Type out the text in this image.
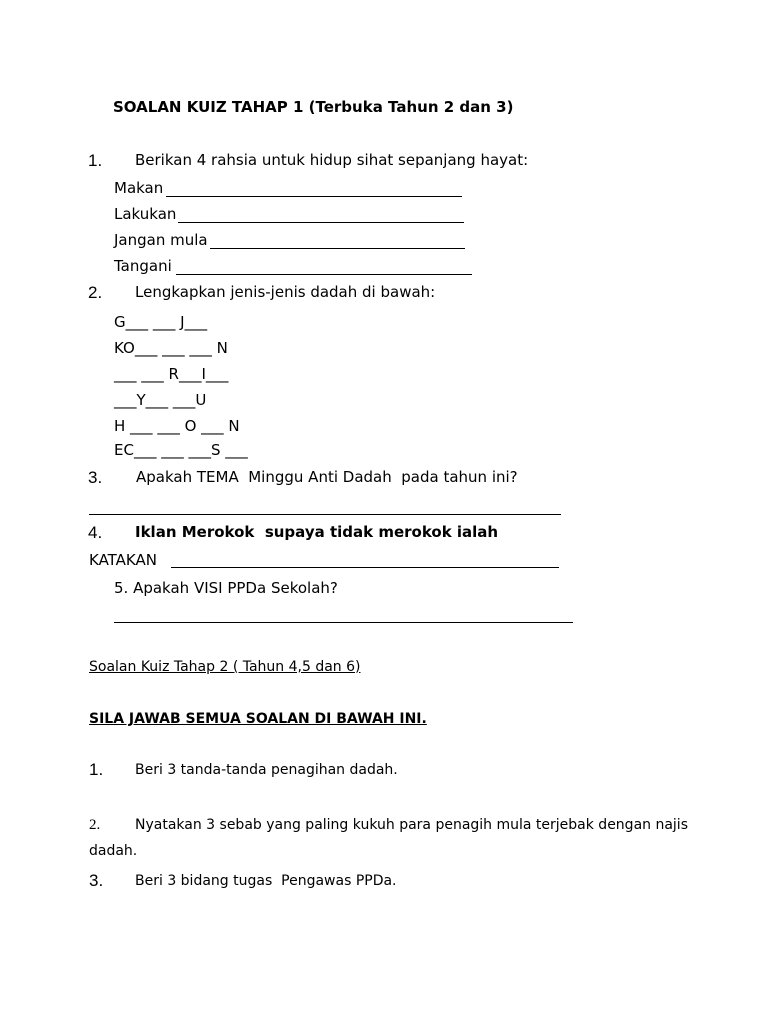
SOALAN KUIZ TAHAP 1 (Terbuka Tahun 2 dan 3)
1. Berikan 4 rahsia untuk hidup sihat sepanjang hayat:
Makan
Lakukan
Jangan mula
Tangani
2. Lengkapkan jenis-jenis dadah di bawah:
G___ ___ J___
KO___ ___ ___ N
___ ___ R___I___
___Y___ ___U
H ___ ___ O ___ N
EC___ ___ ___S ___
3. Apakah TEMA  Minggu Anti Dadah  pada tahun ini?
4. Iklan Merokok  supaya tidak merokok ialah
KATAKAN
5. Apakah VISI PPDa Sekolah?
Soalan Kuiz Tahap 2 ( Tahun 4,5 dan 6)
SILA JAWAB SEMUA SOALAN DI BAWAH INI.
1. Beri 3 tanda-tanda penagihan dadah.
2. Nyatakan 3 sebab yang paling kukuh para penagih mula terjebak dengan najis
dadah.
3. Beri 3 bidang tugas  Pengawas PPDa.
